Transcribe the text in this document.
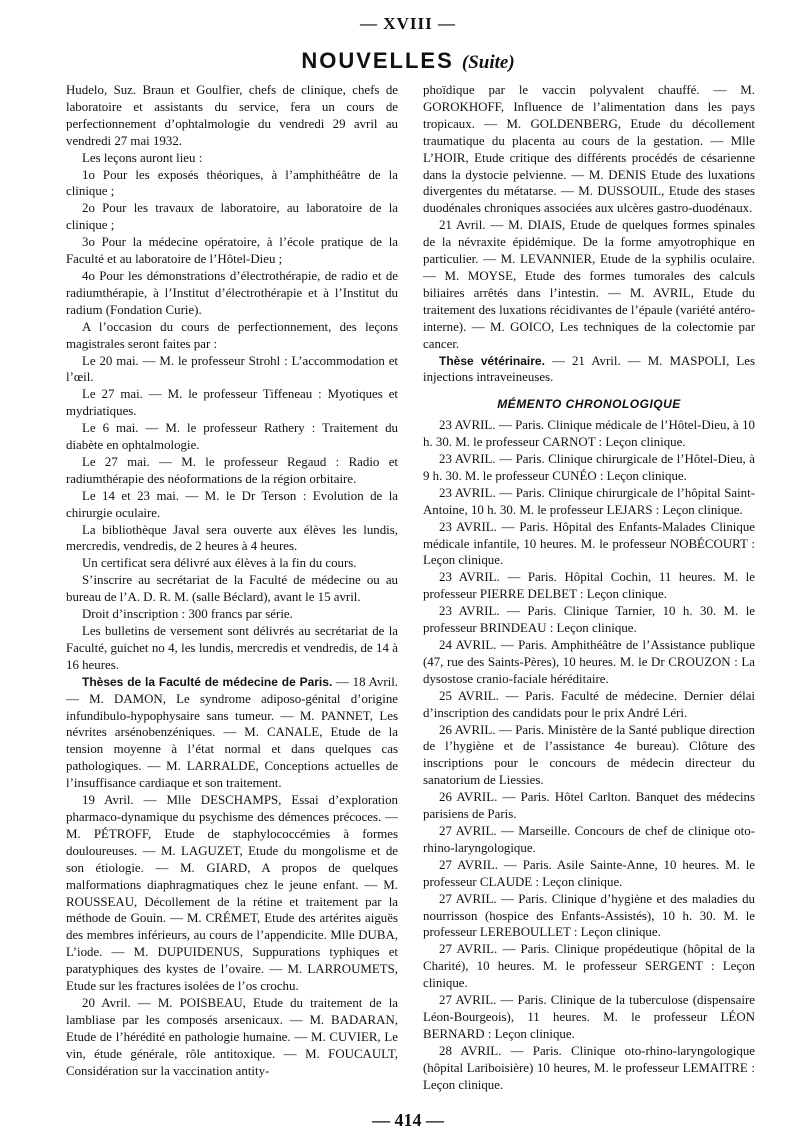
— XVIII —
NOUVELLES (Suite)

Hudelo, Suz. Braun et Goulfier, chefs de clinique, chefs de laboratoire et assistants du service, fera un cours de perfectionnement d’ophtalmologie du vendredi 29 avril au vendredi 27 mai 1932.

Les leçons auront lieu :

1o Pour les exposés théoriques, à l’amphithéâtre de la clinique ;

2o Pour les travaux de laboratoire, au laboratoire de la clinique ;

3o Pour la médecine opératoire, à l’école pratique de la Faculté et au laboratoire de l’Hôtel-Dieu ;

4o Pour les démonstrations d’électrothérapie, de radio et de radiumthérapie, à l’Institut d’électrothérapie et à l’Institut du radium (Fondation Curie).

A l’occasion du cours de perfectionnement, des leçons magistrales seront faites par :

Le 20 mai. — M. le professeur Strohl : L’accommodation et l’œil.

Le 27 mai. — M. le professeur Tiffeneau : Myotiques et mydriatiques.

Le 6 mai. — M. le professeur Rathery : Traitement du diabète en ophtalmologie.

Le 27 mai. — M. le professeur Regaud : Radio et radiumthérapie des néoformations de la région orbitaire.

Le 14 et 23 mai. — M. le Dr Terson : Evolution de la chirurgie oculaire.

La bibliothèque Javal sera ouverte aux élèves les lundis, mercredis, vendredis, de 2 heures à 4 heures.

Un certificat sera délivré aux élèves à la fin du cours.

S’inscrire au secrétariat de la Faculté de médecine ou au bureau de l’A. D. R. M. (salle Béclard), avant le 15 avril.

Droit d’inscription : 300 francs par série.

Les bulletins de versement sont délivrés au secrétariat de la Faculté, guichet no 4, les lundis, mercredis et vendredis, de 14 à 16 heures.

Thèses de la Faculté de médecine de Paris. — 18 Avril. — M. DAMON, Le syndrome adiposo-génital d’origine infundibulo-hypophysaire sans tumeur. — M. PANNET, Les névrites arsénobenzéniques. — M. CANALE, Etude de la tension moyenne à l’état normal et dans quelques cas pathologiques. — M. LARRALDE, Conceptions actuelles de l’insuffisance cardiaque et son traitement.

19 Avril. — Mlle DESCHAMPS, Essai d’exploration pharmaco-dynamique du psychisme des démences précoces. — M. PÉTROFF, Etude de staphylococcémies à formes douloureuses. — M. LAGUZET, Etude du mongolisme et de son étiologie. — M. GIARD, A propos de quelques malformations diaphragmatiques chez le jeune enfant. — M. ROUSSEAU, Décollement de la rétine et traitement par la méthode de Gouin. — M. CRÉMET, Etude des artérites aiguës des membres inférieurs, au cours de l’appendicite. Mlle DUBA, L’iode. — M. DUPUIDENUS, Suppurations typhiques et paratyphiques des kystes de l’ovaire. — M. LARROUMETS, Etude sur les fractures isolées de l’os crochu.

20 Avril. — M. POISBEAU, Etude du traitement de la lambliase par les composés arsenicaux. — M. BADARAN, Etude de l’hérédité en pathologie humaine. — M. CUVIER, Le vin, étude générale, rôle antitoxique. — M. FOUCAULT, Considération sur la vaccination antity-

phoïdique par le vaccin polyvalent chauffé. — M. GOROKHOFF, Influence de l’alimentation dans les pays tropicaux. — M. GOLDENBERG, Etude du décollement traumatique du placenta au cours de la gestation. — Mlle L’HOIR, Etude critique des différents procédés de césarienne dans la dystocie pelvienne. — M. DENIS Etude des luxations divergentes du métatarse. — M. DUSSOUIL, Etude des stases duodénales chroniques associées aux ulcères gastro-duodénaux.

21 Avril. — M. DIAIS, Etude de quelques formes spinales de la névraxite épidémique. De la forme amyotrophique en particulier. — M. LEVANNIER, Etude de la syphilis oculaire. — M. MOYSE, Etude des formes tumorales des calculs biliaires arrêtés dans l’intestin. — M. AVRIL, Etude du traitement des luxations récidivantes de l’épaule (variété antéro-interne). — M. GOICO, Les techniques de la colectomie par cancer.

Thèse vétérinaire. — 21 Avril. — M. MASPOLI, Les injections intraveineuses.

MÉMENTO CHRONOLOGIQUE

23 AVRIL. — Paris. Clinique médicale de l’Hôtel-Dieu, à 10 h. 30. M. le professeur CARNOT : Leçon clinique.

23 AVRIL. — Paris. Clinique chirurgicale de l’Hôtel-Dieu, à 9 h. 30. M. le professeur CUNÉO : Leçon clinique.

23 AVRIL. — Paris. Clinique chirurgicale de l’hôpital Saint-Antoine, 10 h. 30. M. le professeur LEJARS : Leçon clinique.

23 AVRIL. — Paris. Hôpital des Enfants-Malades Clinique médicale infantile, 10 heures. M. le professeur NOBÉCOURT : Leçon clinique.

23 AVRIL. — Paris. Hôpital Cochin, 11 heures. M. le professeur PIERRE DELBET : Leçon clinique.

23 AVRIL. — Paris. Clinique Tarnier, 10 h. 30. M. le professeur BRINDEAU : Leçon clinique.

24 AVRIL. — Paris. Amphithéâtre de l’Assistance publique (47, rue des Saints-Pères), 10 heures. M. le Dr CROUZON : La dysostose cranio-faciale héréditaire.

25 AVRIL. — Paris. Faculté de médecine. Dernier délai d’inscription des candidats pour le prix André Léri.

26 AVRIL. — Paris. Ministère de la Santé publique direction de l’hygiène et de l’assistance 4e bureau). Clôture des inscriptions pour le concours de médecin directeur du sanatorium de Liessies.

26 AVRIL. — Paris. Hôtel Carlton. Banquet des médecins parisiens de Paris.

27 AVRIL. — Marseille. Concours de chef de clinique oto-rhino-laryngologique.

27 AVRIL. — Paris. Asile Sainte-Anne, 10 heures. M. le professeur CLAUDE : Leçon clinique.

27 AVRIL. — Paris. Clinique d’hygiène et des maladies du nourrisson (hospice des Enfants-Assistés), 10 h. 30. M. le professeur LEREBOULLET : Leçon clinique.

27 AVRIL. — Paris. Clinique propédeutique (hôpital de la Charité), 10 heures. M. le professeur SERGENT : Leçon clinique.

27 AVRIL. — Paris. Clinique de la tuberculose (dispensaire Léon-Bourgeois), 11 heures. M. le professeur LÉON BERNARD : Leçon clinique.

28 AVRIL. — Paris. Clinique oto-rhino-laryngologique (hôpital Lariboisière) 10 heures, M. le professeur LEMAITRE : Leçon clinique.

— 414 —
